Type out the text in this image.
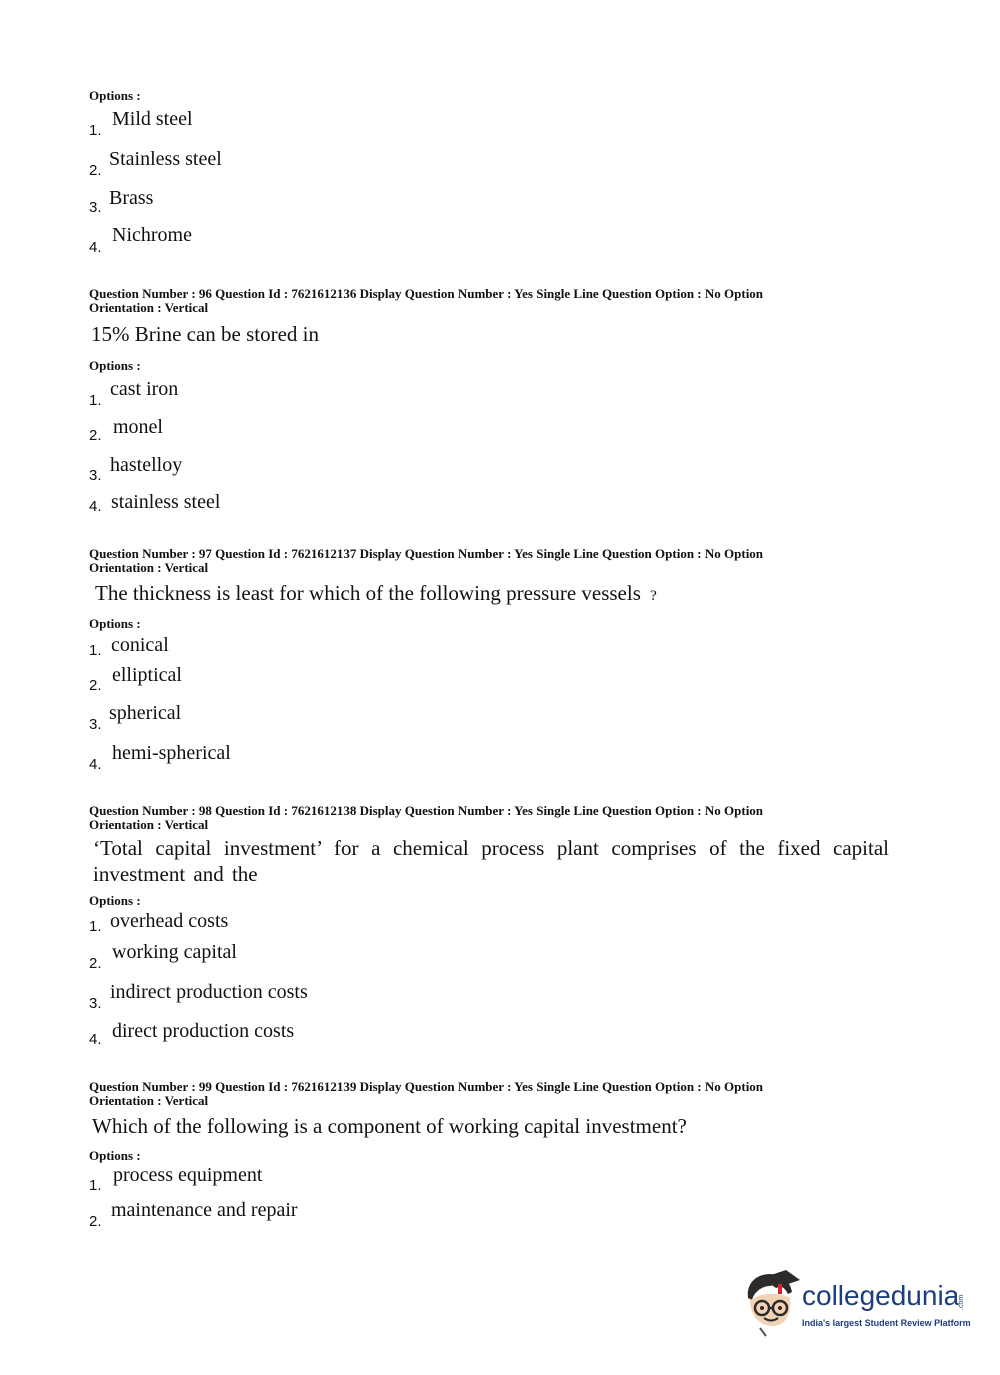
Options :
1.
Mild steel
2.
Stainless steel
3. Brass
4.
Nichrome
Question Number : 96 Question Id : 7621612136 Display Question Number : Yes Single Line Question Option : No Option
Orientation : Vertical
15% Brine can be stored in
Options :
1.
cast iron
2. monel
3. hastelloy
4. stainless steel
Question Number : 97 Question Id : 7621612137 Display Question Number : Yes Single Line Question Option : No Option
Orientation : Vertical
The thickness is least for which of the following pressure vessels ?
Options :
1. conical
2. elliptical
3.
spherical
4.
hemi-spherical
Question Number : 98 Question Id : 7621612138 Display Question Number : Yes Single Line Question Option : No Option
Orientation : Vertical
‘Total capital investment’ for a chemical process plant comprises of the fixed capital investment and the
Options :
1. overhead costs
2.
working capital
3.
indirect production costs
4. direct production costs
Question Number : 99 Question Id : 7621612139 Display Question Number : Yes Single Line Question Option : No Option
Orientation : Vertical
Which of the following is a component of working capital investment?
Options :
1. process equipment
2.
maintenance and repair
collegedunia
.com
India's largest Student Review Platform
